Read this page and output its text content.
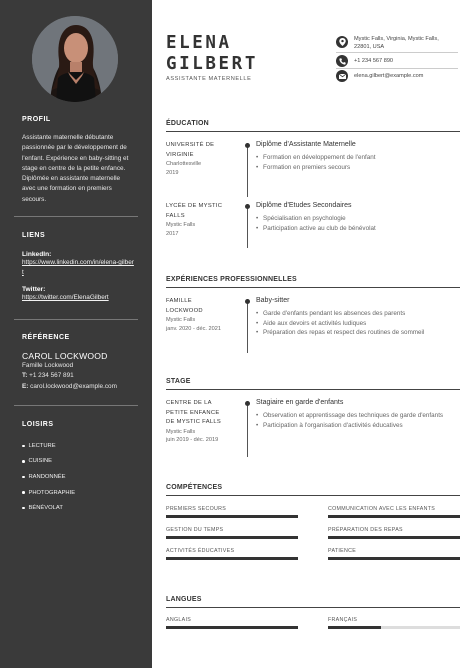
PROFIL
Assistante maternelle débutante passionnée par le développement de l'enfant. Expérience en baby-sitting et stage en centre de la petite enfance. Diplômée en assistante maternelle avec une formation en premiers secours.
LIENS
LinkedIn:
https://www.linkedin.com/in/elena-gilbert
Twitter:
https://twitter.com/ElenaGilbert
RÉFÉRENCE
CAROL LOCKWOOD
Famille Lockwood
T: +1 234 567 891
E: carol.lockwood@example.com
LOISIRS
LECTURE
CUISINE
RANDONNÉE
PHOTOGRAPHIE
BÉNÉVOLAT
ELENA
GILBERT
ASSISTANTE MATERNELLE
Mystic Falls, Virginia, Mystic Falls, 22801, USA
+1 234 567 890
elena.gilbert@example.com
ÉDUCATION
UNIVERSITÉ DE VIRGINIE
Charlottesville
2019
Diplôme d'Assistante Maternelle
• Formation en développement de l'enfant
• Formation en premiers secours
LYCÉE DE MYSTIC FALLS
Mystic Falls
2017
Diplôme d'Etudes Secondaires
• Spécialisation en psychologie
• Participation active au club de bénévolat
EXPÉRIENCES PROFESSIONNELLES
FAMILLE LOCKWOOD
Mystic Falls
janv. 2020 - déc. 2021
Baby-sitter
• Garde d'enfants pendant les absences des parents
• Aide aux devoirs et activités ludiques
• Préparation des repas et respect des routines de sommeil
STAGE
CENTRE DE LA PETITE ENFANCE DE MYSTIC FALLS
Mystic Falls
juin 2019 - déc. 2019
Stagiaire en garde d'enfants
• Observation et apprentissage des techniques de garde d'enfants
• Participation à l'organisation d'activités éducatives
COMPÉTENCES
PREMIERS SECOURS	COMMUNICATION AVEC LES ENFANTS
GESTION DU TEMPS	PRÉPARATION DES REPAS
ACTIVITÉS ÉDUCATIVES	PATIENCE
LANGUES
ANGLAIS	FRANÇAIS
